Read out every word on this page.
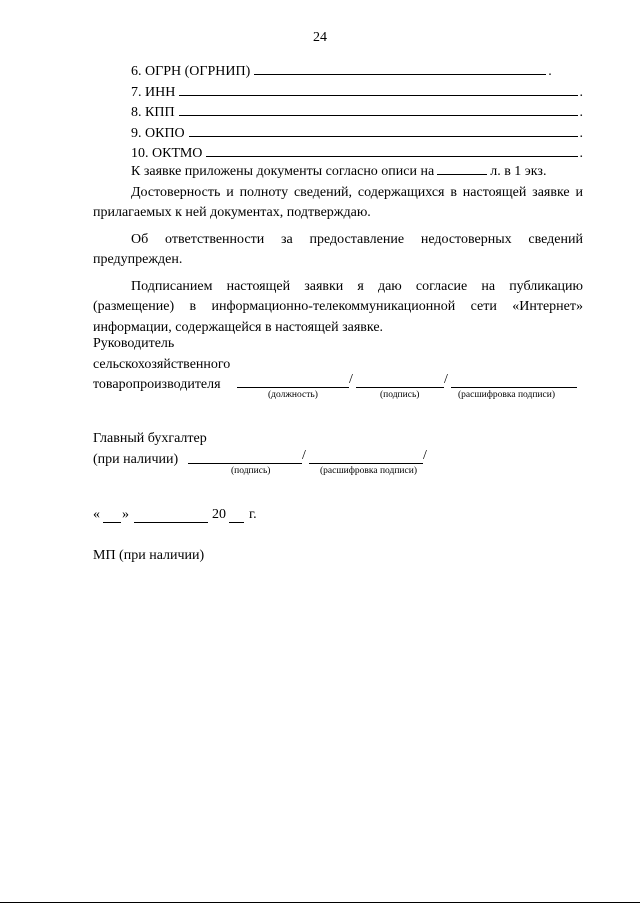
24
6. ОГРН (ОГРНИП)	.
7. ИНН	.
8. КПП	.
9. ОКПО	.
10. ОКТМО	.

К заявке приложены документы согласно описи на	л. в 1 экз.

Достоверность и полноту сведений, содержащихся в настоящей заявке и прилагаемых к ней документах, подтверждаю.

Об ответственности за предоставление недостоверных сведений предупрежден.

Подписанием настоящей заявки я даю согласие на публикацию (размещение) в информационно-телекоммуникационной сети «Интернет» информации, содержащейся в настоящей заявке.

Руководитель
сельскохозяйственного
товаропроизводителя	/	/
(должность)	(подпись)	(расшифровка подписи)
Главный бухгалтер
(при наличии)	/	/
(подпись)	(расшифровка подписи)
« »	20 г.
МП (при наличии)
